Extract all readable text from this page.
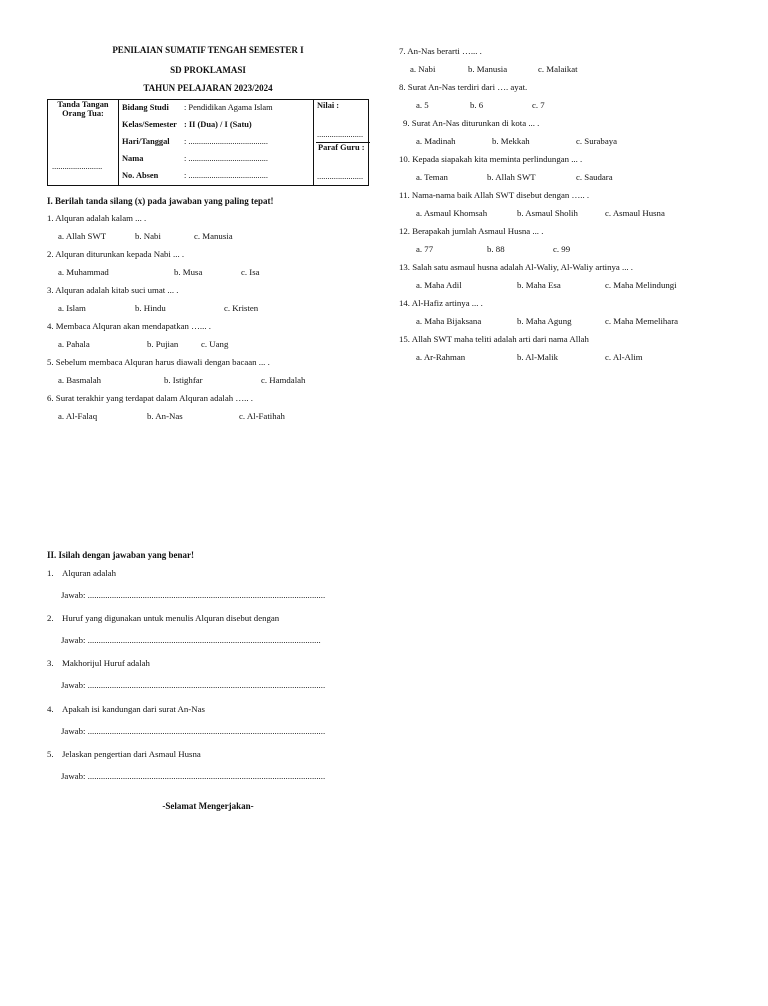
PENILAIAN SUMATIF TENGAH SEMESTER I
SD PROKLAMASI
TAHUN PELAJARAN 2023/2024
Tanda Tangan Orang Tua:
........................

Bidang Studi	: Pendidikan Agama Islam
Kelas/Semester : II (Dua) / I (Satu)
Hari/Tanggal	: ......................................
Nama	: ......................................
No. Absen	: ......................................

Nilai :
......................
Paraf Guru :
......................
I. Berilah tanda silang (x) pada jawaban yang paling tepat!
1. Alquran adalah kalam ... .
a. Allah SWT	b. Nabi	c. Manusia
2. Alquran diturunkan kepada Nabi ... .
a. Muhammad	b. Musa	c. Isa
3. Alquran adalah kitab suci umat ... .
a. Islam	b. Hindu	c. Kristen
4. Membaca Alquran akan mendapatkan …... .
a. Pahala	b. Pujian	c. Uang
5. Sebelum membaca Alquran harus diawali dengan bacaan ... .
a. Basmalah	b. Istighfar	c. Hamdalah
6. Surat terakhir yang terdapat dalam Alquran adalah ….. .
a. Al-Falaq	b. An-Nas	c. Al-Fatihah
7. An-Nas berarti …... .
a. Nabi	b. Manusia	c. Malaikat
8. Surat An-Nas terdiri dari …. ayat.
a. 5	b. 6	c. 7
9. Surat An-Nas diturunkan di kota ... .
a. Madinah	b. Mekkah	c. Surabaya
10. Kepada siapakah kita meminta perlindungan ... .
a. Teman	b. Allah SWT	c. Saudara
11. Nama-nama baik Allah SWT disebut dengan ….. .
a. Asmaul Khomsah	b. Asmaul Sholih	c. Asmaul Husna
12. Berapakah jumlah Asmaul Husna ... .
a. 77	b. 88	c. 99
13. Salah satu asmaul husna adalah Al-Waliy, Al-Waliy artinya ... .
a. Maha Adil	b. Maha Esa	c. Maha Melindungi
14. Al-Hafiz artinya ... .
a. Maha Bijaksana	b. Maha Agung	c. Maha Memelihara
15. Allah SWT maha teliti adalah arti dari nama Allah
a. Ar-Rahman	b. Al-Malik	c. Al-Alim
II. Isilah dengan jawaban yang benar!
1. Alquran adalah
Jawab: ............................................................................................................
2. Huruf yang digunakan untuk menulis Alquran disebut dengan
Jawab: ..........................................................................................................
3. Makhorijul Huruf adalah
Jawab: ............................................................................................................
4. Apakah isi kandungan dari surat An-Nas
Jawab: ............................................................................................................
5. Jelaskan pengertian dari Asmaul Husna
Jawab: ............................................................................................................
-Selamat Mengerjakan-
